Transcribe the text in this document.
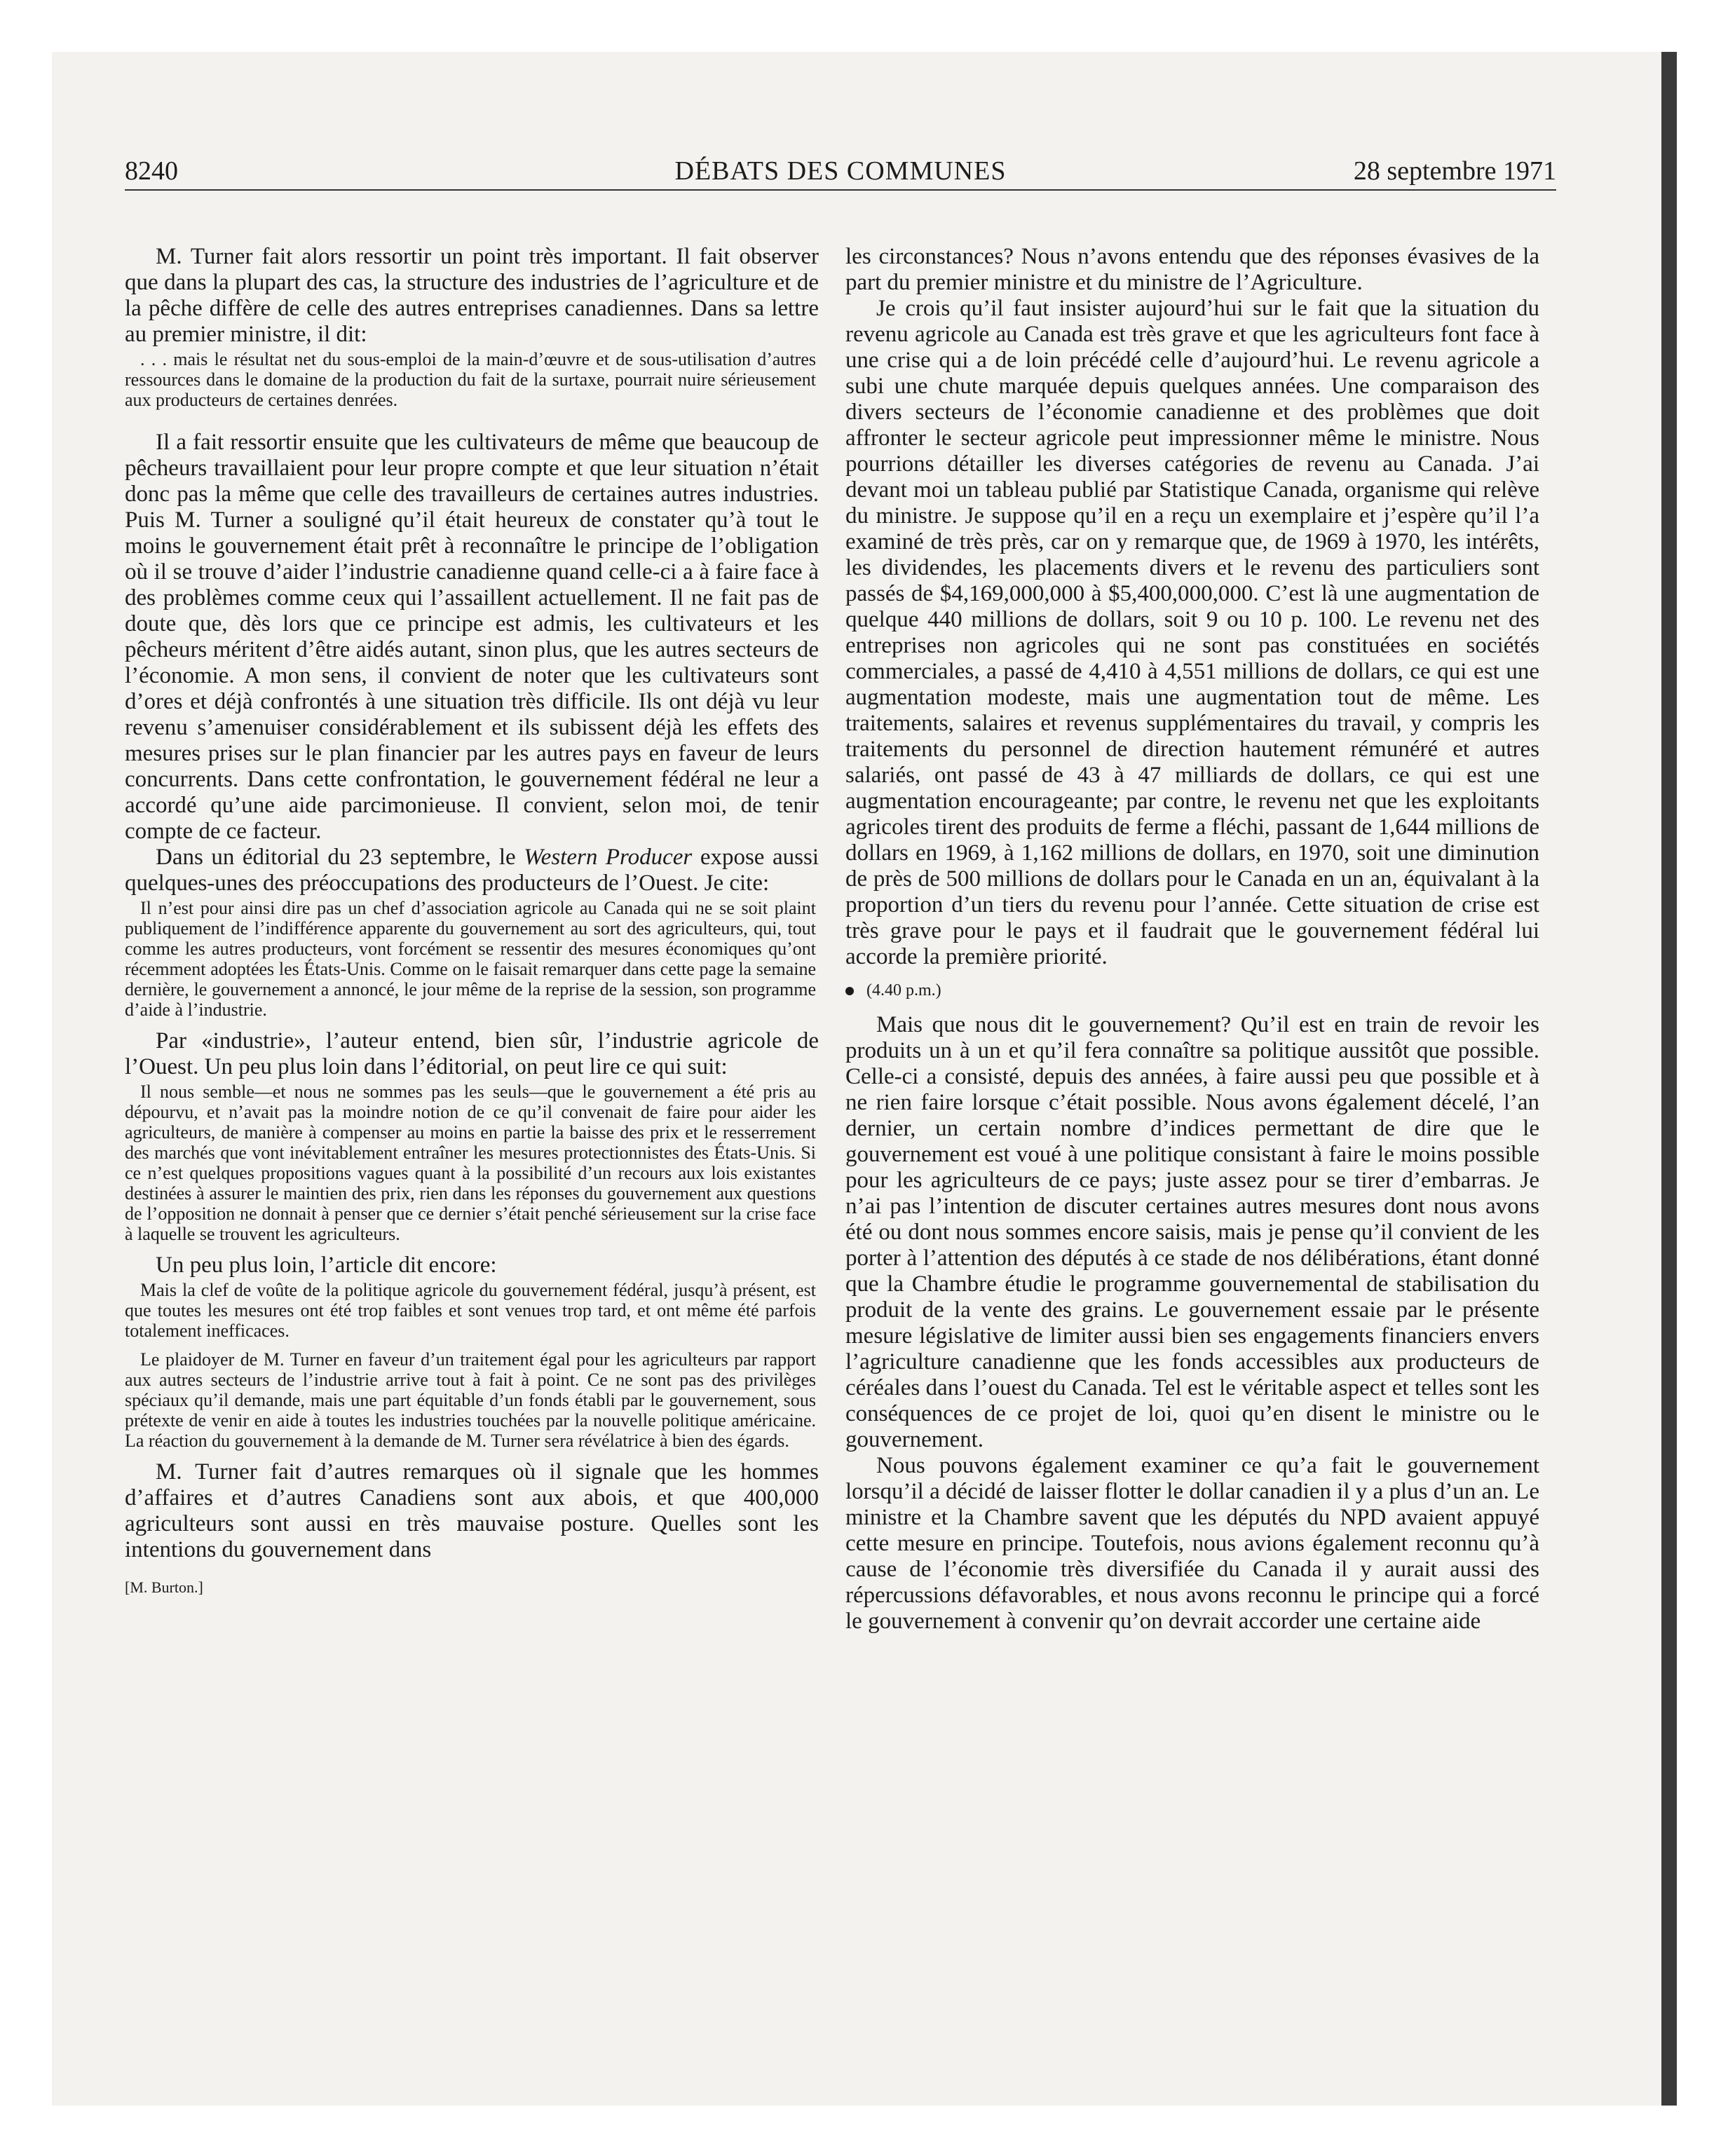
8240	DÉBATS DES COMMUNES	28 septembre 1971

M. Turner fait alors ressortir un point très important. Il fait observer que dans la plupart des cas, la structure des industries de l’agriculture et de la pêche diffère de celle des autres entreprises canadiennes. Dans sa lettre au premier ministre, il dit:

. . . mais le résultat net du sous-emploi de la main-d’œuvre et de sous-utilisation d’autres ressources dans le domaine de la production du fait de la surtaxe, pourrait nuire sérieusement aux producteurs de certaines denrées.

Il a fait ressortir ensuite que les cultivateurs de même que beaucoup de pêcheurs travaillaient pour leur propre compte et que leur situation n’était donc pas la même que celle des travailleurs de certaines autres industries. Puis M. Turner a souligné qu’il était heureux de constater qu’à tout le moins le gouvernement était prêt à reconnaître le principe de l’obligation où il se trouve d’aider l’industrie canadienne quand celle-ci a à faire face à des problèmes comme ceux qui l’assaillent actuellement. Il ne fait pas de doute que, dès lors que ce principe est admis, les cultivateurs et les pêcheurs méritent d’être aidés autant, sinon plus, que les autres secteurs de l’économie. A mon sens, il convient de noter que les cultivateurs sont d’ores et déjà confrontés à une situation très difficile. Ils ont déjà vu leur revenu s’amenuiser considérablement et ils subissent déjà les effets des mesures prises sur le plan financier par les autres pays en faveur de leurs concurrents. Dans cette confrontation, le gouvernement fédéral ne leur a accordé qu’une aide parcimonieuse. Il convient, selon moi, de tenir compte de ce facteur.

Dans un éditorial du 23 septembre, le Western Producer expose aussi quelques-unes des préoccupations des producteurs de l’Ouest. Je cite:

Il n’est pour ainsi dire pas un chef d’association agricole au Canada qui ne se soit plaint publiquement de l’indifférence apparente du gouvernement au sort des agriculteurs, qui, tout comme les autres producteurs, vont forcément se ressentir des mesures économiques qu’ont récemment adoptées les États-Unis. Comme on le faisait remarquer dans cette page la semaine dernière, le gouvernement a annoncé, le jour même de la reprise de la session, son programme d’aide à l’industrie.

Par «industrie», l’auteur entend, bien sûr, l’industrie agricole de l’Ouest. Un peu plus loin dans l’éditorial, on peut lire ce qui suit:

Il nous semble—et nous ne sommes pas les seuls—que le gouvernement a été pris au dépourvu, et n’avait pas la moindre notion de ce qu’il convenait de faire pour aider les agriculteurs, de manière à compenser au moins en partie la baisse des prix et le resserrement des marchés que vont inévitablement entraîner les mesures protectionnistes des États-Unis. Si ce n’est quelques propositions vagues quant à la possibilité d’un recours aux lois existantes destinées à assurer le maintien des prix, rien dans les réponses du gouvernement aux questions de l’opposition ne donnait à penser que ce dernier s’était penché sérieusement sur la crise face à laquelle se trouvent les agriculteurs.

Un peu plus loin, l’article dit encore:

Mais la clef de voûte de la politique agricole du gouvernement fédéral, jusqu’à présent, est que toutes les mesures ont été trop faibles et sont venues trop tard, et ont même été parfois totalement inefficaces.

Le plaidoyer de M. Turner en faveur d’un traitement égal pour les agriculteurs par rapport aux autres secteurs de l’industrie arrive tout à fait à point. Ce ne sont pas des privilèges spéciaux qu’il demande, mais une part équitable d’un fonds établi par le gouvernement, sous prétexte de venir en aide à toutes les industries touchées par la nouvelle politique américaine. La réaction du gouvernement à la demande de M. Turner sera révélatrice à bien des égards.

M. Turner fait d’autres remarques où il signale que les hommes d’affaires et d’autres Canadiens sont aux abois, et que 400,000 agriculteurs sont aussi en très mauvaise posture. Quelles sont les intentions du gouvernement dans

[M. Burton.]

les circonstances? Nous n’avons entendu que des réponses évasives de la part du premier ministre et du ministre de l’Agriculture.

Je crois qu’il faut insister aujourd’hui sur le fait que la situation du revenu agricole au Canada est très grave et que les agriculteurs font face à une crise qui a de loin précédé celle d’aujourd’hui. Le revenu agricole a subi une chute marquée depuis quelques années. Une comparaison des divers secteurs de l’économie canadienne et des problèmes que doit affronter le secteur agricole peut impressionner même le ministre. Nous pourrions détailler les diverses catégories de revenu au Canada. J’ai devant moi un tableau publié par Statistique Canada, organisme qui relève du ministre. Je suppose qu’il en a reçu un exemplaire et j’espère qu’il l’a examiné de très près, car on y remarque que, de 1969 à 1970, les intérêts, les dividendes, les placements divers et le revenu des particuliers sont passés de $4,169,000,000 à $5,400,000,000. C’est là une augmentation de quelque 440 millions de dollars, soit 9 ou 10 p. 100. Le revenu net des entreprises non agricoles qui ne sont pas constituées en sociétés commerciales, a passé de 4,410 à 4,551 millions de dollars, ce qui est une augmentation modeste, mais une augmentation tout de même. Les traitements, salaires et revenus supplémentaires du travail, y compris les traitements du personnel de direction hautement rémunéré et autres salariés, ont passé de 43 à 47 milliards de dollars, ce qui est une augmentation encourageante; par contre, le revenu net que les exploitants agricoles tirent des produits de ferme a fléchi, passant de 1,644 millions de dollars en 1969, à 1,162 millions de dollars, en 1970, soit une diminution de près de 500 millions de dollars pour le Canada en un an, équivalant à la proportion d’un tiers du revenu pour l’année. Cette situation de crise est très grave pour le pays et il faudrait que le gouvernement fédéral lui accorde la première priorité.

(4.40 p.m.)

Mais que nous dit le gouvernement? Qu’il est en train de revoir les produits un à un et qu’il fera connaître sa politique aussitôt que possible. Celle-ci a consisté, depuis des années, à faire aussi peu que possible et à ne rien faire lorsque c’était possible. Nous avons également décelé, l’an dernier, un certain nombre d’indices permettant de dire que le gouvernement est voué à une politique consistant à faire le moins possible pour les agriculteurs de ce pays; juste assez pour se tirer d’embarras. Je n’ai pas l’intention de discuter certaines autres mesures dont nous avons été ou dont nous sommes encore saisis, mais je pense qu’il convient de les porter à l’attention des députés à ce stade de nos délibérations, étant donné que la Chambre étudie le programme gouvernemental de stabilisation du produit de la vente des grains. Le gouvernement essaie par le présente mesure législative de limiter aussi bien ses engagements financiers envers l’agriculture canadienne que les fonds accessibles aux producteurs de céréales dans l’ouest du Canada. Tel est le véritable aspect et telles sont les conséquences de ce projet de loi, quoi qu’en disent le ministre ou le gouvernement.

Nous pouvons également examiner ce qu’a fait le gouvernement lorsqu’il a décidé de laisser flotter le dollar canadien il y a plus d’un an. Le ministre et la Chambre savent que les députés du NPD avaient appuyé cette mesure en principe. Toutefois, nous avions également reconnu qu’à cause de l’économie très diversifiée du Canada il y aurait aussi des répercussions défavorables, et nous avons reconnu le principe qui a forcé le gouvernement à convenir qu’on devrait accorder une certaine aide
